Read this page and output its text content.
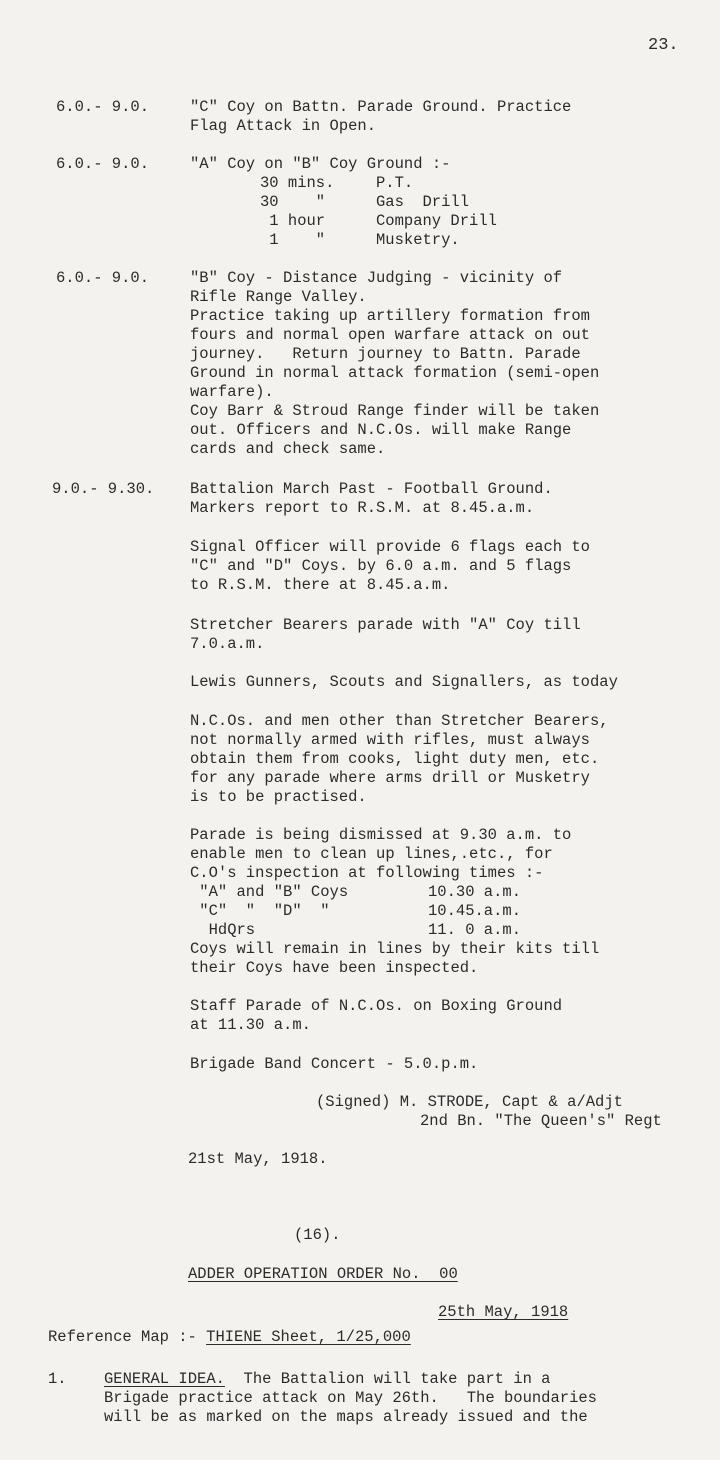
23.
6.0.- 9.0.	"C" Coy on Battn. Parade Ground. Practice
Flag Attack in Open.
6.0.- 9.0.	"A" Coy on "B" Coy Ground :-
30 mins.	P.T.
30    "	Gas  Drill
1 hour	Company Drill
1    "	Musketry.
6.0.- 9.0.	"B" Coy - Distance Judging - vicinity of
Rifle Range Valley.
Practice taking up artillery formation from
fours and normal open warfare attack on out
journey.   Return journey to Battn. Parade
Ground in normal attack formation (semi-open
warfare).
Coy Barr & Stroud Range finder will be taken
out. Officers and N.C.Os. will make Range
cards and check same.
9.0.- 9.30. Battalion March Past - Football Ground.
Markers report to R.S.M. at 8.45.a.m.
Signal Officer will provide 6 flags each to
"C" and "D" Coys. by 6.0 a.m. and 5 flags
to R.S.M. there at 8.45.a.m.
Stretcher Bearers parade with "A" Coy till
7.0.a.m.
Lewis Gunners, Scouts and Signallers, as today
N.C.Os. and men other than Stretcher Bearers,
not normally armed with rifles, must always
obtain them from cooks, light duty men, etc.
for any parade where arms drill or Musketry
is to be practised.
Parade is being dismissed at 9.30 a.m. to
enable men to clean up lines,.etc., for
C.O's inspection at following times :-
"A" and "B" Coys	10.30 a.m.
"C"  "  "D"  "	10.45.a.m.
HdQrs	11. 0 a.m.
Coys will remain in lines by their kits till
their Coys have been inspected.
Staff Parade of N.C.Os. on Boxing Ground
at 11.30 a.m.
Brigade Band Concert - 5.0.p.m.
(Signed) M. STRODE, Capt & a/Adjt
2nd Bn. "The Queen's" Regt
21st May, 1918.
(16).
ADDER OPERATION ORDER No.  00
25th May, 1918
Reference Map :- THIENE Sheet, 1/25,000
1. GENERAL IDEA.  The Battalion will take part in a
Brigade practice attack on May 26th.   The boundaries
will be as marked on the maps already issued and the
